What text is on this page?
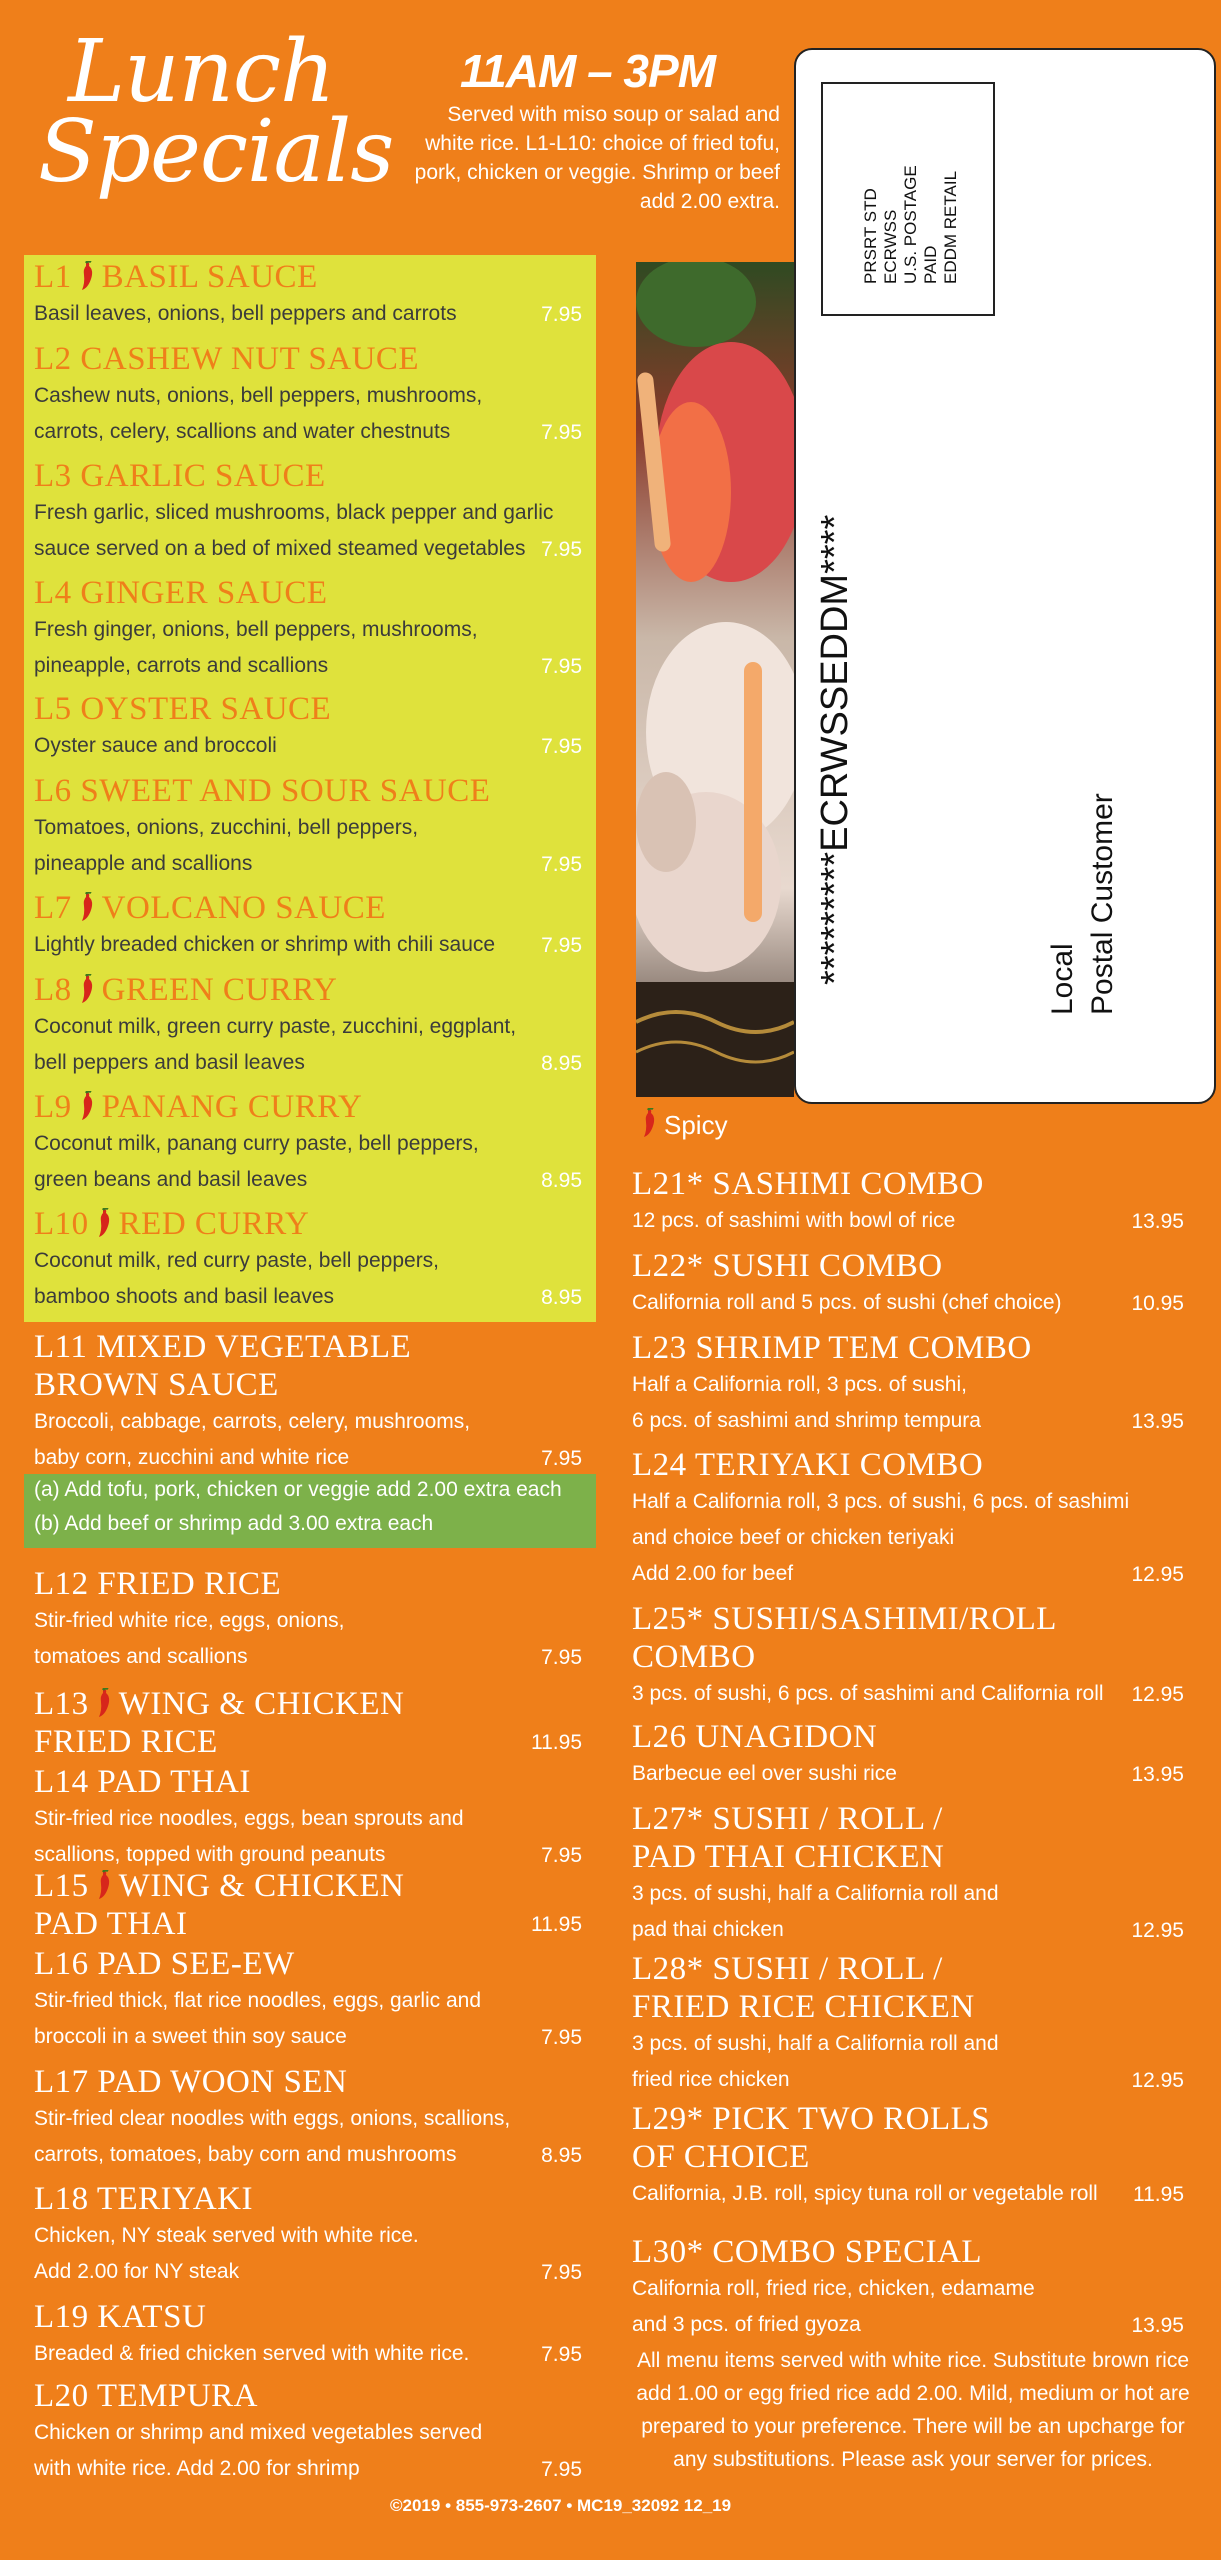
Lunch
Specials
11AM – 3PM
Served with miso soup or salad and white rice. L1-L10: choice of fried tofu, pork, chicken or veggie. Shrimp or beef add 2.00 extra.
(a) Add tofu, pork, chicken or veggie add 2.00 extra each
(b) Add beef or shrimp add 3.00 extra each
L1 BASIL SAUCE
Basil leaves, onions, bell peppers and carrots	7.95
L2 CASHEW NUT SAUCE
Cashew nuts, onions, bell peppers, mushrooms,
carrots, celery, scallions and water chestnuts	7.95
L3 GARLIC SAUCE
Fresh garlic, sliced mushrooms, black pepper and garlic
sauce served on a bed of mixed steamed vegetables 7.95
L4 GINGER SAUCE
Fresh ginger, onions, bell peppers, mushrooms,
pineapple, carrots and scallions	7.95
L5 OYSTER SAUCE
Oyster sauce and broccoli	7.95
L6 SWEET AND SOUR SAUCE
Tomatoes, onions, zucchini, bell peppers,
pineapple and scallions	7.95
L7 VOLCANO SAUCE
Lightly breaded chicken or shrimp with chili sauce	7.95
L8 GREEN CURRY
Coconut milk, green curry paste, zucchini, eggplant,
bell peppers and basil leaves	8.95
L9 PANANG CURRY
Coconut milk, panang curry paste, bell peppers,
green beans and basil leaves	8.95
L10 RED CURRY
Coconut milk, red curry paste, bell peppers,
bamboo shoots and basil leaves	8.95
L11 MIXED VEGETABLE
BROWN SAUCE
Broccoli, cabbage, carrots, celery, mushrooms,
baby corn, zucchini and white rice	7.95
L12 FRIED RICE
Stir-fried white rice, eggs, onions,
tomatoes and scallions	7.95
L13 WING & CHICKEN
FRIED RICE	11.95
L14 PAD THAI
Stir-fried rice noodles, eggs, bean sprouts and
scallions, topped with ground peanuts	7.95
L15 WING & CHICKEN
PAD THAI	11.95
L16 PAD SEE-EW
Stir-fried thick, flat rice noodles, eggs, garlic and
broccoli in a sweet thin soy sauce	7.95
L17 PAD WOON SEN
Stir-fried clear noodles with eggs, onions, scallions,
carrots, tomatoes, baby corn and mushrooms	8.95
L18 TERIYAKI
Chicken, NY steak served with white rice.
Add 2.00 for NY steak	7.95
L19 KATSU
Breaded & fried chicken served with white rice.	7.95
L20 TEMPURA
Chicken or shrimp and mixed vegetables served
with white rice. Add 2.00 for shrimp	7.95
PRSRT STD ECRWSS U.S. POSTAGE PAID EDDM RETAIL
*********ECRWSSEDDM****	Local Postal Customer
Spicy
L21* SASHIMI COMBO
12 pcs. of sashimi with bowl of rice	13.95
L22* SUSHI COMBO
California roll and 5 pcs. of sushi (chef choice)	10.95
L23 SHRIMP TEM COMBO
Half a California roll, 3 pcs. of sushi,
6 pcs. of sashimi and shrimp tempura	13.95
L24 TERIYAKI COMBO
Half a California roll, 3 pcs. of sushi, 6 pcs. of sashimi
and choice beef or chicken teriyaki
Add 2.00 for beef	12.95
L25* SUSHI/SASHIMI/ROLL
COMBO
3 pcs. of sushi, 6 pcs. of sashimi and California roll	12.95
L26 UNAGIDON
Barbecue eel over sushi rice	13.95
L27* SUSHI / ROLL /
PAD THAI CHICKEN
3 pcs. of sushi, half a California roll and
pad thai chicken	12.95
L28* SUSHI / ROLL /
FRIED RICE CHICKEN
3 pcs. of sushi, half a California roll and
fried rice chicken	12.95
L29* PICK TWO ROLLS
OF CHOICE
California, J.B. roll, spicy tuna roll or vegetable roll	11.95
L30* COMBO SPECIAL
California roll, fried rice, chicken, edamame
and 3 pcs. of fried gyoza	13.95
All menu items served with white rice. Substitute brown rice add 1.00 or egg fried rice add 2.00. Mild, medium or hot are prepared to your preference. There will be an upcharge for any substitutions. Please ask your server for prices.
©2019 • 855-973-2607 • MC19_32092 12_19
